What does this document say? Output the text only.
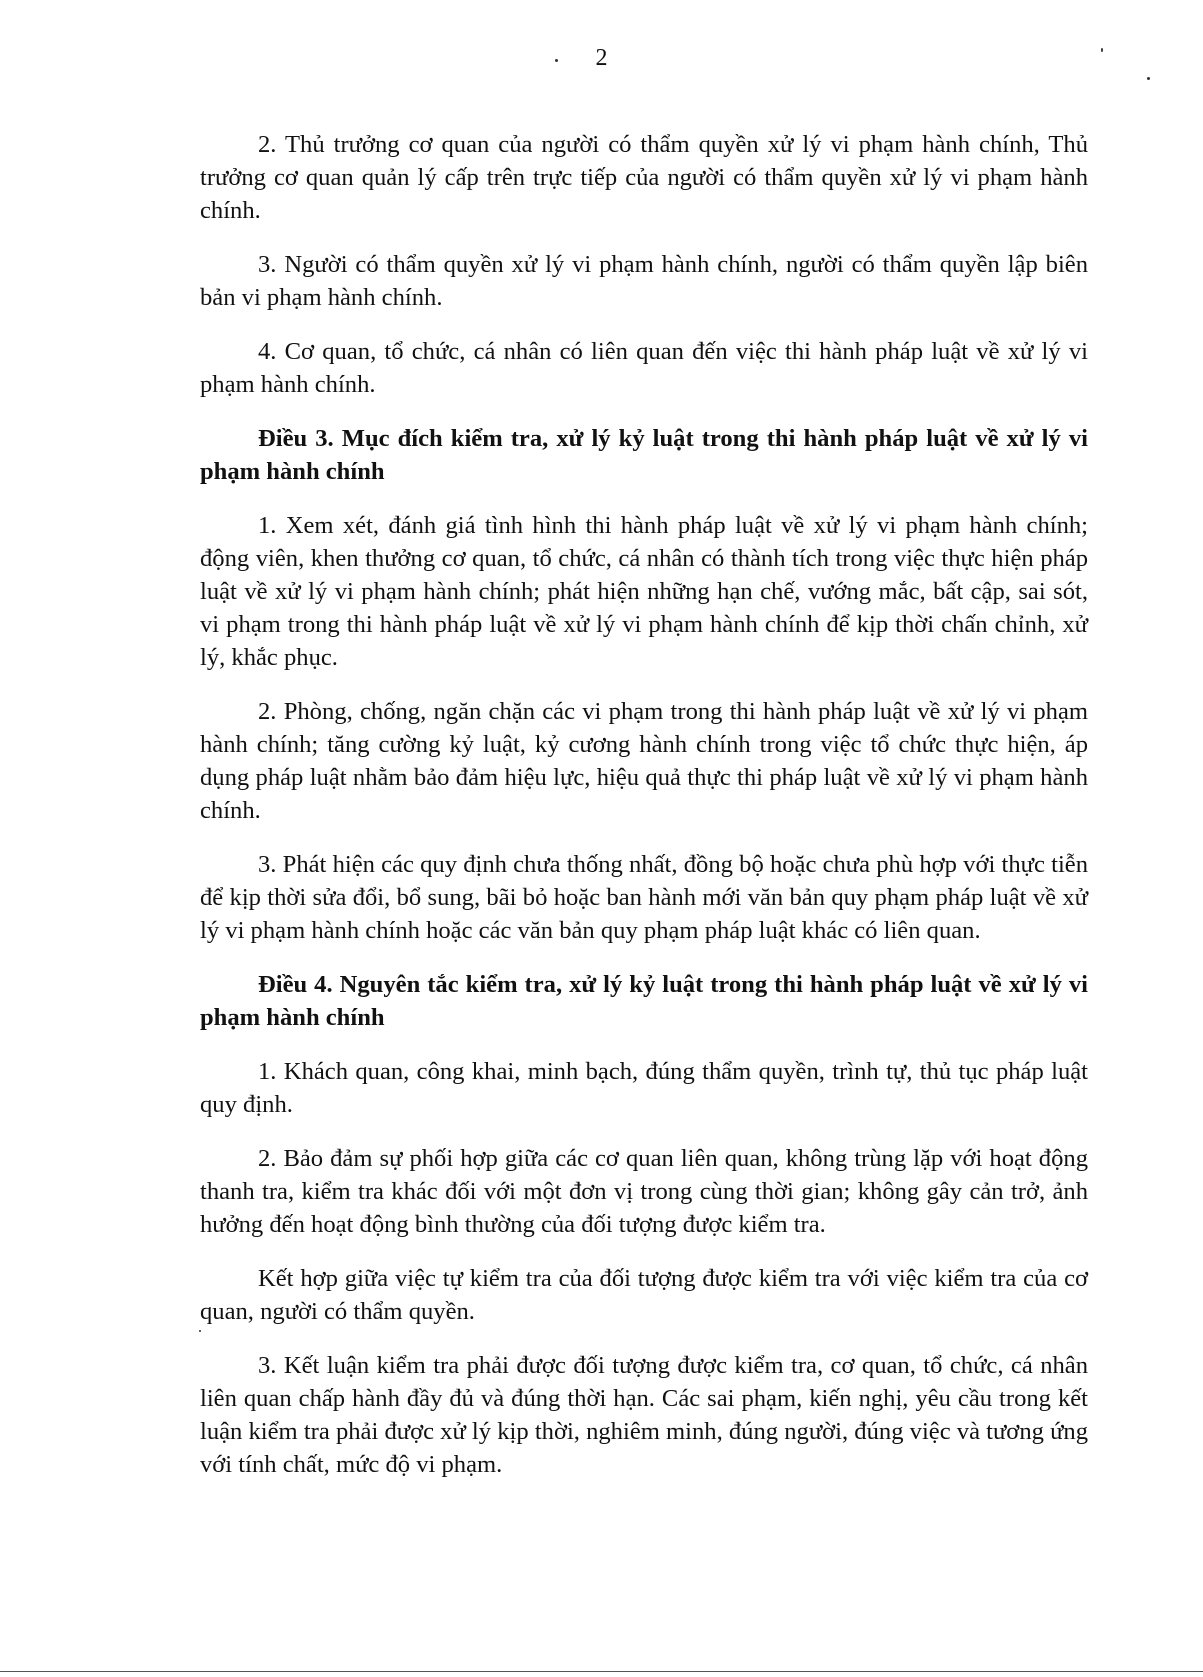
2

2. Thủ trưởng cơ quan của người có thẩm quyền xử lý vi phạm hành chính, Thủ trưởng cơ quan quản lý cấp trên trực tiếp của người có thẩm quyền xử lý vi phạm hành chính.

3. Người có thẩm quyền xử lý vi phạm hành chính, người có thẩm quyền lập biên bản vi phạm hành chính.

4. Cơ quan, tổ chức, cá nhân có liên quan đến việc thi hành pháp luật về xử lý vi phạm hành chính.

Điều 3. Mục đích kiểm tra, xử lý kỷ luật trong thi hành pháp luật về xử lý vi phạm hành chính

1. Xem xét, đánh giá tình hình thi hành pháp luật về xử lý vi phạm hành chính; động viên, khen thưởng cơ quan, tổ chức, cá nhân có thành tích trong việc thực hiện pháp luật về xử lý vi phạm hành chính; phát hiện những hạn chế, vướng mắc, bất cập, sai sót, vi phạm trong thi hành pháp luật về xử lý vi phạm hành chính để kịp thời chấn chỉnh, xử lý, khắc phục.

2. Phòng, chống, ngăn chặn các vi phạm trong thi hành pháp luật về xử lý vi phạm hành chính; tăng cường kỷ luật, kỷ cương hành chính trong việc tổ chức thực hiện, áp dụng pháp luật nhằm bảo đảm hiệu lực, hiệu quả thực thi pháp luật về xử lý vi phạm hành chính.

3. Phát hiện các quy định chưa thống nhất, đồng bộ hoặc chưa phù hợp với thực tiễn để kịp thời sửa đổi, bổ sung, bãi bỏ hoặc ban hành mới văn bản quy phạm pháp luật về xử lý vi phạm hành chính hoặc các văn bản quy phạm pháp luật khác có liên quan.

Điều 4. Nguyên tắc kiểm tra, xử lý kỷ luật trong thi hành pháp luật về xử lý vi phạm hành chính

1. Khách quan, công khai, minh bạch, đúng thẩm quyền, trình tự, thủ tục pháp luật quy định.

2. Bảo đảm sự phối hợp giữa các cơ quan liên quan, không trùng lặp với hoạt động thanh tra, kiểm tra khác đối với một đơn vị trong cùng thời gian; không gây cản trở, ảnh hưởng đến hoạt động bình thường của đối tượng được kiểm tra.

Kết hợp giữa việc tự kiểm tra của đối tượng được kiểm tra với việc kiểm tra của cơ quan, người có thẩm quyền.

3. Kết luận kiểm tra phải được đối tượng được kiểm tra, cơ quan, tổ chức, cá nhân liên quan chấp hành đầy đủ và đúng thời hạn. Các sai phạm, kiến nghị, yêu cầu trong kết luận kiểm tra phải được xử lý kịp thời, nghiêm minh, đúng người, đúng việc và tương ứng với tính chất, mức độ vi phạm.
